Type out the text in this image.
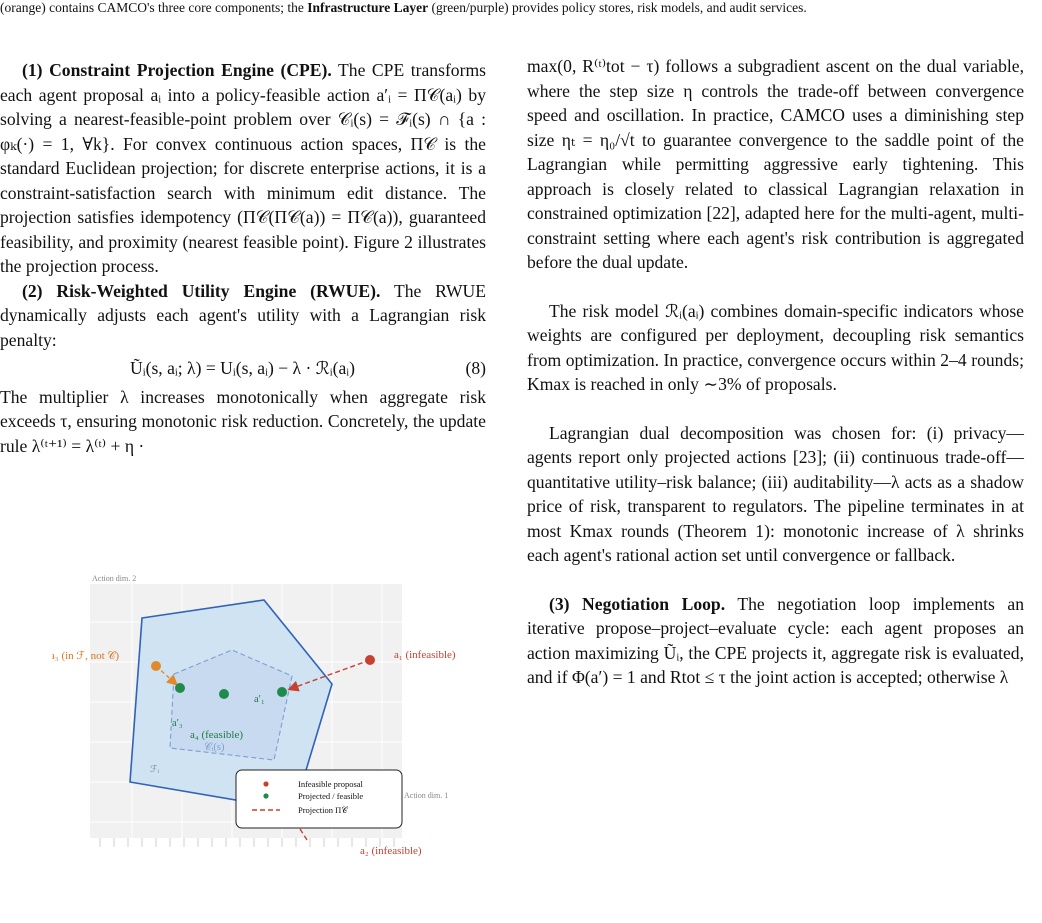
(orange) contains CAMCO's three core components; the Infrastructure Layer (green/purple) provides policy stores, risk models, and audit services.

(1) Constraint Projection Engine (CPE). The CPE transforms each agent proposal aᵢ into a policy-feasible action a′ᵢ = Π𝒞(aᵢ) by solving a nearest-feasible-point problem over 𝒞ᵢ(s) = ℱᵢ(s) ∩ {a : φₖ(·) = 1, ∀k}. For convex continuous action spaces, Π𝒞 is the standard Euclidean projection; for discrete enterprise actions, it is a constraint-satisfaction search with minimum edit distance. The projection satisfies idempotency (Π𝒞(Π𝒞(a)) = Π𝒞(a)), guaranteed feasibility, and proximity (nearest feasible point). Figure 2 illustrates the projection process.

(2) Risk-Weighted Utility Engine (RWUE). The RWUE dynamically adjusts each agent's utility with a Lagrangian risk penalty:

Ũᵢ(s, aᵢ; λ) = Uᵢ(s, aᵢ) − λ · ℛᵢ(aᵢ)	(8)

The multiplier λ increases monotonically when aggregate risk exceeds τ, ensuring monotonic risk reduction. Concretely, the update rule λ⁽ᵗ⁺¹⁾ = λ⁽ᵗ⁾ + η ·

max(0, R⁽ᵗ⁾tot − τ) follows a subgradient ascent on the dual variable, where the step size η controls the trade-off between convergence speed and oscillation. In practice, CAMCO uses a diminishing step size ηₜ = η₀/√t to guarantee convergence to the saddle point of the Lagrangian while permitting aggressive early tightening. This approach is closely related to classical Lagrangian relaxation in constrained optimization [22], adapted here for the multi-agent, multi-constraint setting where each agent's risk contribution is aggregated before the dual update.

The risk model ℛᵢ(aᵢ) combines domain-specific indicators whose weights are configured per deployment, decoupling risk semantics from optimization. In practice, convergence occurs within 2–4 rounds; Kmax is reached in only ∼3% of proposals.

Lagrangian dual decomposition was chosen for: (i) privacy—agents report only projected actions [23]; (ii) continuous trade-off—quantitative utility–risk balance; (iii) auditability—λ acts as a shadow price of risk, transparent to regulators. The pipeline terminates in at most Kmax rounds (Theorem 1): monotonic increase of λ shrinks each agent's rational action set until convergence or fallback.

(3) Negotiation Loop. The negotiation loop implements an iterative propose–project–evaluate cycle: each agent proposes an action maximizing Ũᵢ, the CPE projects it, aggregate risk is evaluated, and if Φ(a′) = 1 and Rtot ≤ τ the joint action is accepted; otherwise λ

Action dim. 2
Action dim. 1
a₁ (infeasible)
a₃ (in ℱ, not 𝒞)
a′₁
a′₃
a₄ (feasible)
𝒞ᵢ(s)
ℱᵢ
a₂ (infeasible)
Infeasible proposal
Projected / feasible
Projection Π𝒞
